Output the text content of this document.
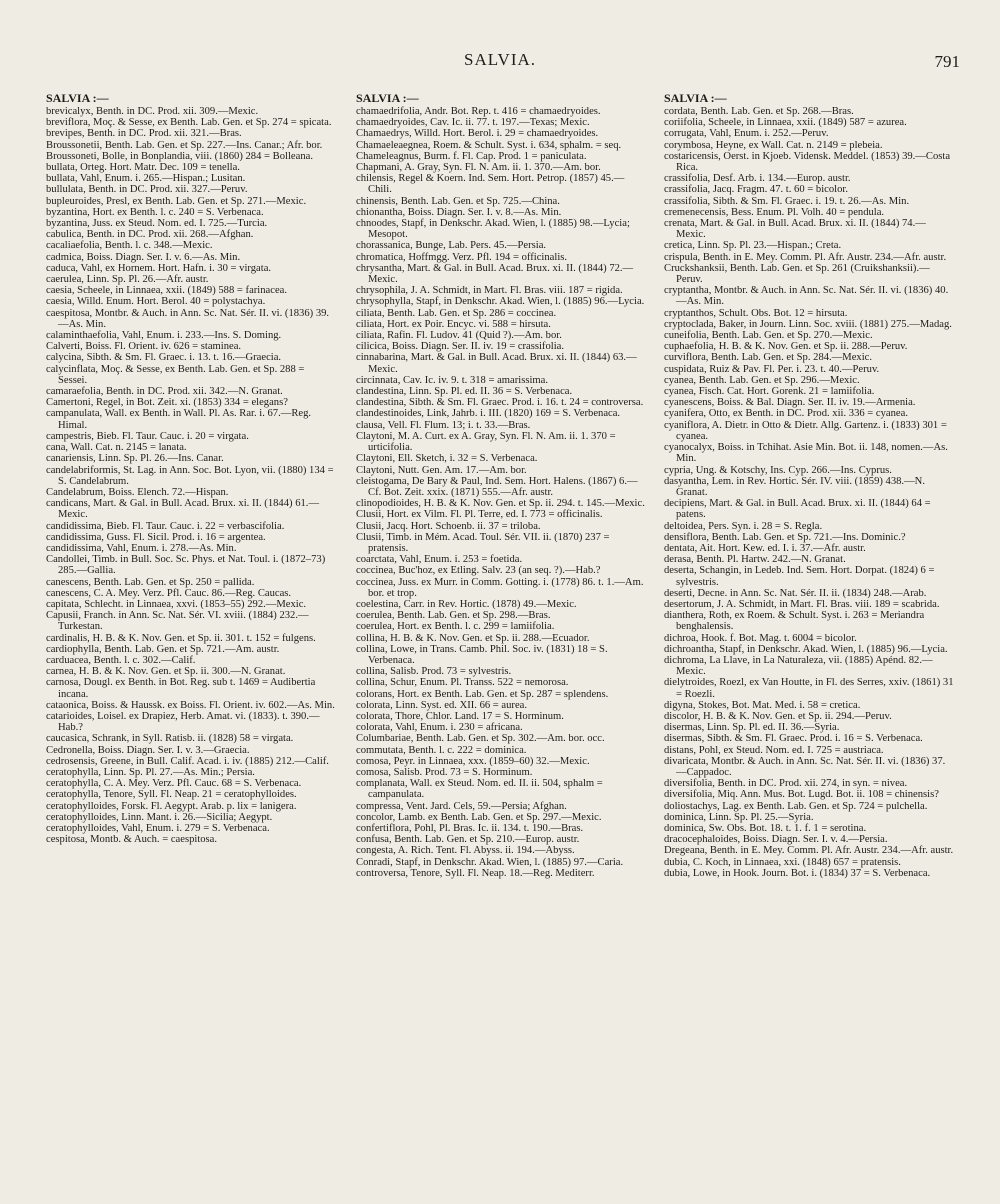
SALVIA.	791
SALVIA :—

brevicalyx, Benth. in DC. Prod. xii. 309.—Mexic.

breviflora, Moç. & Sesse, ex Benth. Lab. Gen. et Sp. 274 = spicata.

brevipes, Benth. in DC. Prod. xii. 321.—Bras.

Broussonetii, Benth. Lab. Gen. et Sp. 227.—Ins. Canar.; Afr. bor.

Broussoneti, Bolle, in Bonplandia, viii. (1860) 284 = Bolleana.

bullata, Orteg. Hort. Matr. Dec. 109 = tenella.

bullata, Vahl, Enum. i. 265.—Hispan.; Lusitan.

bullulata, Benth. in DC. Prod. xii. 327.—Peruv.

bupleuroides, Presl, ex Benth. Lab. Gen. et Sp. 271.—Mexic.

byzantina, Hort. ex Benth. l. c. 240 = S. Verbenaca.

byzantina, Juss. ex Steud. Nom. ed. I. 725.—Turcia.

cabulica, Benth. in DC. Prod. xii. 268.—Afghan.

cacaliaefolia, Benth. l. c. 348.—Mexic.

cadmica, Boiss. Diagn. Ser. I. v. 6.—As. Min.

caduca, Vahl, ex Hornem. Hort. Hafn. i. 30 = virgata.

caerulea, Linn. Sp. Pl. 26.—Afr. austr.

caesia, Scheele, in Linnaea, xxii. (1849) 588 = farinacea.

caesia, Willd. Enum. Hort. Berol. 40 = polystachya.

caespitosa, Montbr. & Auch. in Ann. Sc. Nat. Sér. II. vi. (1836) 39.—As. Min.

calaminthaefolia, Vahl, Enum. i. 233.—Ins. S. Doming.

Calverti, Boiss. Fl. Orient. iv. 626 = staminea.

calycina, Sibth. & Sm. Fl. Graec. i. 13. t. 16.—Graecia.

calycinflata, Moç. & Sesse, ex Benth. Lab. Gen. et Sp. 288 = Sessei.

camaraefolia, Benth. in DC. Prod. xii. 342.—N. Granat.

Camertoni, Regel, in Bot. Zeit. xi. (1853) 334 = elegans?

campanulata, Wall. ex Benth. in Wall. Pl. As. Rar. i. 67.—Reg. Himal.

campestris, Bieb. Fl. Taur. Cauc. i. 20 = virgata.

cana, Wall. Cat. n. 2145 = lanata.

canariensis, Linn. Sp. Pl. 26.—Ins. Canar.

candelabriformis, St. Lag. in Ann. Soc. Bot. Lyon, vii. (1880) 134 = S. Candelabrum.

Candelabrum, Boiss. Elench. 72.—Hispan.

candicans, Mart. & Gal. in Bull. Acad. Brux. xi. II. (1844) 61.—Mexic.

candidissima, Bieb. Fl. Taur. Cauc. i. 22 = verbascifolia.

candidissima, Guss. Fl. Sicil. Prod. i. 16 = argentea.

candidissima, Vahl, Enum. i. 278.—As. Min.

Candollei, Timb. in Bull. Soc. Sc. Phys. et Nat. Toul. i. (1872–73) 285.—Gallia.

canescens, Benth. Lab. Gen. et Sp. 250 = pallida.

canescens, C. A. Mey. Verz. Pfl. Cauc. 86.—Reg. Caucas.

capitata, Schlecht. in Linnaea, xxvi. (1853–55) 292.—Mexic.

Capusii, Franch. in Ann. Sc. Nat. Sér. VI. xviii. (1884) 232.—Turkestan.

cardinalis, H. B. & K. Nov. Gen. et Sp. ii. 301. t. 152 = fulgens.

cardiophylla, Benth. Lab. Gen. et Sp. 721.—Am. austr.

carduacea, Benth. l. c. 302.—Calif.

carnea, H. B. & K. Nov. Gen. et Sp. ii. 300.—N. Granat.

carnosa, Dougl. ex Benth. in Bot. Reg. sub t. 1469 = Audibertia incana.

cataonica, Boiss. & Haussk. ex Boiss. Fl. Orient. iv. 602.—As. Min.

catarioides, Loisel. ex Drapiez, Herb. Amat. vi. (1833). t. 390.—Hab.?

caucasica, Schrank, in Syll. Ratisb. ii. (1828) 58 = virgata.

Cedronella, Boiss. Diagn. Ser. I. v. 3.—Graecia.

cedrosensis, Greene, in Bull. Calif. Acad. i. iv. (1885) 212.—Calif.

ceratophylla, Linn. Sp. Pl. 27.—As. Min.; Persia.

ceratophylla, C. A. Mey. Verz. Pfl. Cauc. 68 = S. Verbenaca.

ceratophylla, Tenore, Syll. Fl. Neap. 21 = ceratophylloides.

ceratophylloides, Forsk. Fl. Aegypt. Arab. p. lix = lanigera.

ceratophylloides, Linn. Mant. i. 26.—Sicilia; Aegypt.

ceratophylloides, Vahl, Enum. i. 279 = S. Verbenaca.

cespitosa, Montb. & Auch. = caespitosa.

SALVIA :—

chamaedrifolia, Andr. Bot. Rep. t. 416 = chamaedryoides.

chamaedryoides, Cav. Ic. ii. 77. t. 197.—Texas; Mexic.

Chamaedrys, Willd. Hort. Berol. i. 29 = chamaedryoides.

Chamaeleaegnea, Roem. & Schult. Syst. i. 634, sphalm. = seq.

Chameleagnus, Burm. f. Fl. Cap. Prod. 1 = paniculata.

Chapmani, A. Gray, Syn. Fl. N. Am. ii. 1. 370.—Am. bor.

chilensis, Regel & Koern. Ind. Sem. Hort. Petrop. (1857) 45.—Chili.

chinensis, Benth. Lab. Gen. et Sp. 725.—China.

chionantha, Boiss. Diagn. Ser. I. v. 8.—As. Min.

chnoodes, Stapf, in Denkschr. Akad. Wien, l. (1885) 98.—Lycia; Mesopot.

chorassanica, Bunge, Lab. Pers. 45.—Persia.

chromatica, Hoffmgg. Verz. Pfl. 194 = officinalis.

chrysantha, Mart. & Gal. in Bull. Acad. Brux. xi. II. (1844) 72.—Mexic.

chrysophila, J. A. Schmidt, in Mart. Fl. Bras. viii. 187 = rigida.

chrysophylla, Stapf, in Denkschr. Akad. Wien, l. (1885) 96.—Lycia.

ciliata, Benth. Lab. Gen. et Sp. 286 = coccinea.

ciliata, Hort. ex Poir. Encyc. vi. 588 = hirsuta.

ciliata, Rafin. Fl. Ludov. 41 (Quid ?).—Am. bor.

cilicica, Boiss. Diagn. Ser. II. iv. 19 = crassifolia.

cinnabarina, Mart. & Gal. in Bull. Acad. Brux. xi. II. (1844) 63.—Mexic.

circinnata, Cav. Ic. iv. 9. t. 318 = amarissima.

clandestina, Linn. Sp. Pl. ed. II. 36 = S. Verbenaca.

clandestina, Sibth. & Sm. Fl. Graec. Prod. i. 16. t. 24 = controversa.

clandestinoides, Link, Jahrb. i. III. (1820) 169 = S. Verbenaca.

clausa, Vell. Fl. Flum. 13; i. t. 33.—Bras.

Claytoni, M. A. Curt. ex A. Gray, Syn. Fl. N. Am. ii. 1. 370 = urticifolia.

Claytoni, Ell. Sketch, i. 32 = S. Verbenaca.

Claytoni, Nutt. Gen. Am. 17.—Am. bor.

cleistogama, De Bary & Paul, Ind. Sem. Hort. Halens. (1867) 6.—Cf. Bot. Zeit. xxix. (1871) 555.—Afr. austr.

clinopodioides, H. B. & K. Nov. Gen. et Sp. ii. 294. t. 145.—Mexic.

Clusii, Hort. ex Vilm. Fl. Pl. Terre, ed. I. 773 = officinalis.

Clusii, Jacq. Hort. Schoenb. ii. 37 = triloba.

Clusii, Timb. in Mém. Acad. Toul. Sér. VII. ii. (1870) 237 = pratensis.

coarctata, Vahl, Enum. i. 253 = foetida.

coccinea, Buc'hoz, ex Etling. Salv. 23 (an seq. ?).—Hab.?

coccinea, Juss. ex Murr. in Comm. Gotting. i. (1778) 86. t. 1.—Am. bor. et trop.

coelestina, Carr. in Rev. Hortic. (1878) 49.—Mexic.

coerulea, Benth. Lab. Gen. et Sp. 298.—Bras.

coerulea, Hort. ex Benth. l. c. 299 = lamiifolia.

collina, H. B. & K. Nov. Gen. et Sp. ii. 288.—Ecuador.

collina, Lowe, in Trans. Camb. Phil. Soc. iv. (1831) 18 = S. Verbenaca.

collina, Salisb. Prod. 73 = sylvestris.

collina, Schur, Enum. Pl. Transs. 522 = nemorosa.

colorans, Hort. ex Benth. Lab. Gen. et Sp. 287 = splendens.

colorata, Linn. Syst. ed. XII. 66 = aurea.

colorata, Thore, Chlor. Land. 17 = S. Horminum.

colorata, Vahl, Enum. i. 230 = africana.

Columbariae, Benth. Lab. Gen. et Sp. 302.—Am. bor. occ.

commutata, Benth. l. c. 222 = dominica.

comosa, Peyr. in Linnaea, xxx. (1859–60) 32.—Mexic.

comosa, Salisb. Prod. 73 = S. Horminum.

complanata, Wall. ex Steud. Nom. ed. II. ii. 504, sphalm = campanulata.

compressa, Vent. Jard. Cels, 59.—Persia; Afghan.

concolor, Lamb. ex Benth. Lab. Gen. et Sp. 297.—Mexic.

confertiflora, Pohl, Pl. Bras. Ic. ii. 134. t. 190.—Bras.

confusa, Benth. Lab. Gen. et Sp. 210.—Europ. austr.

congesta, A. Rich. Tent. Fl. Abyss. ii. 194.—Abyss.

Conradi, Stapf, in Denkschr. Akad. Wien, l. (1885) 97.—Caria.

controversa, Tenore, Syll. Fl. Neap. 18.—Reg. Mediterr.

SALVIA :—

cordata, Benth. Lab. Gen. et Sp. 268.—Bras.

coriifolia, Scheele, in Linnaea, xxii. (1849) 587 = azurea.

corrugata, Vahl, Enum. i. 252.—Peruv.

corymbosa, Heyne, ex Wall. Cat. n. 2149 = plebeia.

costaricensis, Oerst. in Kjoeb. Vidensk. Meddel. (1853) 39.—Costa Rica.

crassifolia, Desf. Arb. i. 134.—Europ. austr.

crassifolia, Jacq. Fragm. 47. t. 60 = bicolor.

crassifolia, Sibth. & Sm. Fl. Graec. i. 19. t. 26.—As. Min.

cremenecensis, Bess. Enum. Pl. Volh. 40 = pendula.

crenata, Mart. & Gal. in Bull. Acad. Brux. xi. II. (1844) 74.—Mexic.

cretica, Linn. Sp. Pl. 23.—Hispan.; Creta.

crispula, Benth. in E. Mey. Comm. Pl. Afr. Austr. 234.—Afr. austr.

Cruckshanksii, Benth. Lab. Gen. et Sp. 261 (Cruikshanksii).—Peruv.

cryptantha, Montbr. & Auch. in Ann. Sc. Nat. Sér. II. vi. (1836) 40.—As. Min.

cryptanthos, Schult. Obs. Bot. 12 = hirsuta.

cryptoclada, Baker, in Journ. Linn. Soc. xviii. (1881) 275.—Madag.

cuneifolia, Benth. Lab. Gen. et Sp. 270.—Mexic.

cuphaefolia, H. B. & K. Nov. Gen. et Sp. ii. 288.—Peruv.

curviflora, Benth. Lab. Gen. et Sp. 284.—Mexic.

cuspidata, Ruiz & Pav. Fl. Per. i. 23. t. 40.—Peruv.

cyanea, Benth. Lab. Gen. et Sp. 296.—Mexic.

cyanea, Fisch. Cat. Hort. Gorenk. 21 = lamiifolia.

cyanescens, Boiss. & Bal. Diagn. Ser. II. iv. 19.—Armenia.

cyanifera, Otto, ex Benth. in DC. Prod. xii. 336 = cyanea.

cyaniflora, A. Dietr. in Otto & Dietr. Allg. Gartenz. i. (1833) 301 = cyanea.

cyanocalyx, Boiss. in Tchihat. Asie Min. Bot. ii. 148, nomen.—As. Min.

cypria, Ung. & Kotschy, Ins. Cyp. 266.—Ins. Cyprus.

dasyantha, Lem. in Rev. Hortic. Sér. IV. viii. (1859) 438.—N. Granat.

decipiens, Mart. & Gal. in Bull. Acad. Brux. xi. II. (1844) 64 = patens.

deltoidea, Pers. Syn. i. 28 = S. Regla.

densiflora, Benth. Lab. Gen. et Sp. 721.—Ins. Dominic.?

dentata, Ait. Hort. Kew. ed. I. i. 37.—Afr. austr.

derasa, Benth. Pl. Hartw. 242.—N. Granat.

deserta, Schangin, in Ledeb. Ind. Sem. Hort. Dorpat. (1824) 6 = sylvestris.

deserti, Decne. in Ann. Sc. Nat. Sér. II. ii. (1834) 248.—Arab.

desertorum, J. A. Schmidt, in Mart. Fl. Bras. viii. 189 = scabrida.

dianthera, Roth, ex Roem. & Schult. Syst. i. 263 = Meriandra benghalensis.

dichroa, Hook. f. Bot. Mag. t. 6004 = bicolor.

dichroantha, Stapf, in Denkschr. Akad. Wien, l. (1885) 96.—Lycia.

dichroma, La Llave, in La Naturaleza, vii. (1885) Apénd. 82.—Mexic.

dielytroides, Roezl, ex Van Houtte, in Fl. des Serres, xxiv. (1861) 31 = Roezli.

digyna, Stokes, Bot. Mat. Med. i. 58 = cretica.

discolor, H. B. & K. Nov. Gen. et Sp. ii. 294.—Peruv.

disermas, Linn. Sp. Pl. ed. II. 36.—Syria.

disermas, Sibth. & Sm. Fl. Graec. Prod. i. 16 = S. Verbenaca.

distans, Pohl, ex Steud. Nom. ed. I. 725 = austriaca.

divaricata, Montbr. & Auch. in Ann. Sc. Nat. Sér. II. vi. (1836) 37.—Cappadoc.

diversifolia, Benth. in DC. Prod. xii. 274, in syn. = nivea.

diversifolia, Miq. Ann. Mus. Bot. Lugd. Bot. ii. 108 = chinensis?

doliostachys, Lag. ex Benth. Lab. Gen. et Sp. 724 = pulchella.

dominica, Linn. Sp. Pl. 25.—Syria.

dominica, Sw. Obs. Bot. 18. t. 1. f. 1 = serotina.

dracocephaloides, Boiss. Diagn. Ser. I. v. 4.—Persia.

Dregeana, Benth. in E. Mey. Comm. Pl. Afr. Austr. 234.—Afr. austr.

dubia, C. Koch, in Linnaea, xxi. (1848) 657 = pratensis.

dubia, Lowe, in Hook. Journ. Bot. i. (1834) 37 = S. Verbenaca.
